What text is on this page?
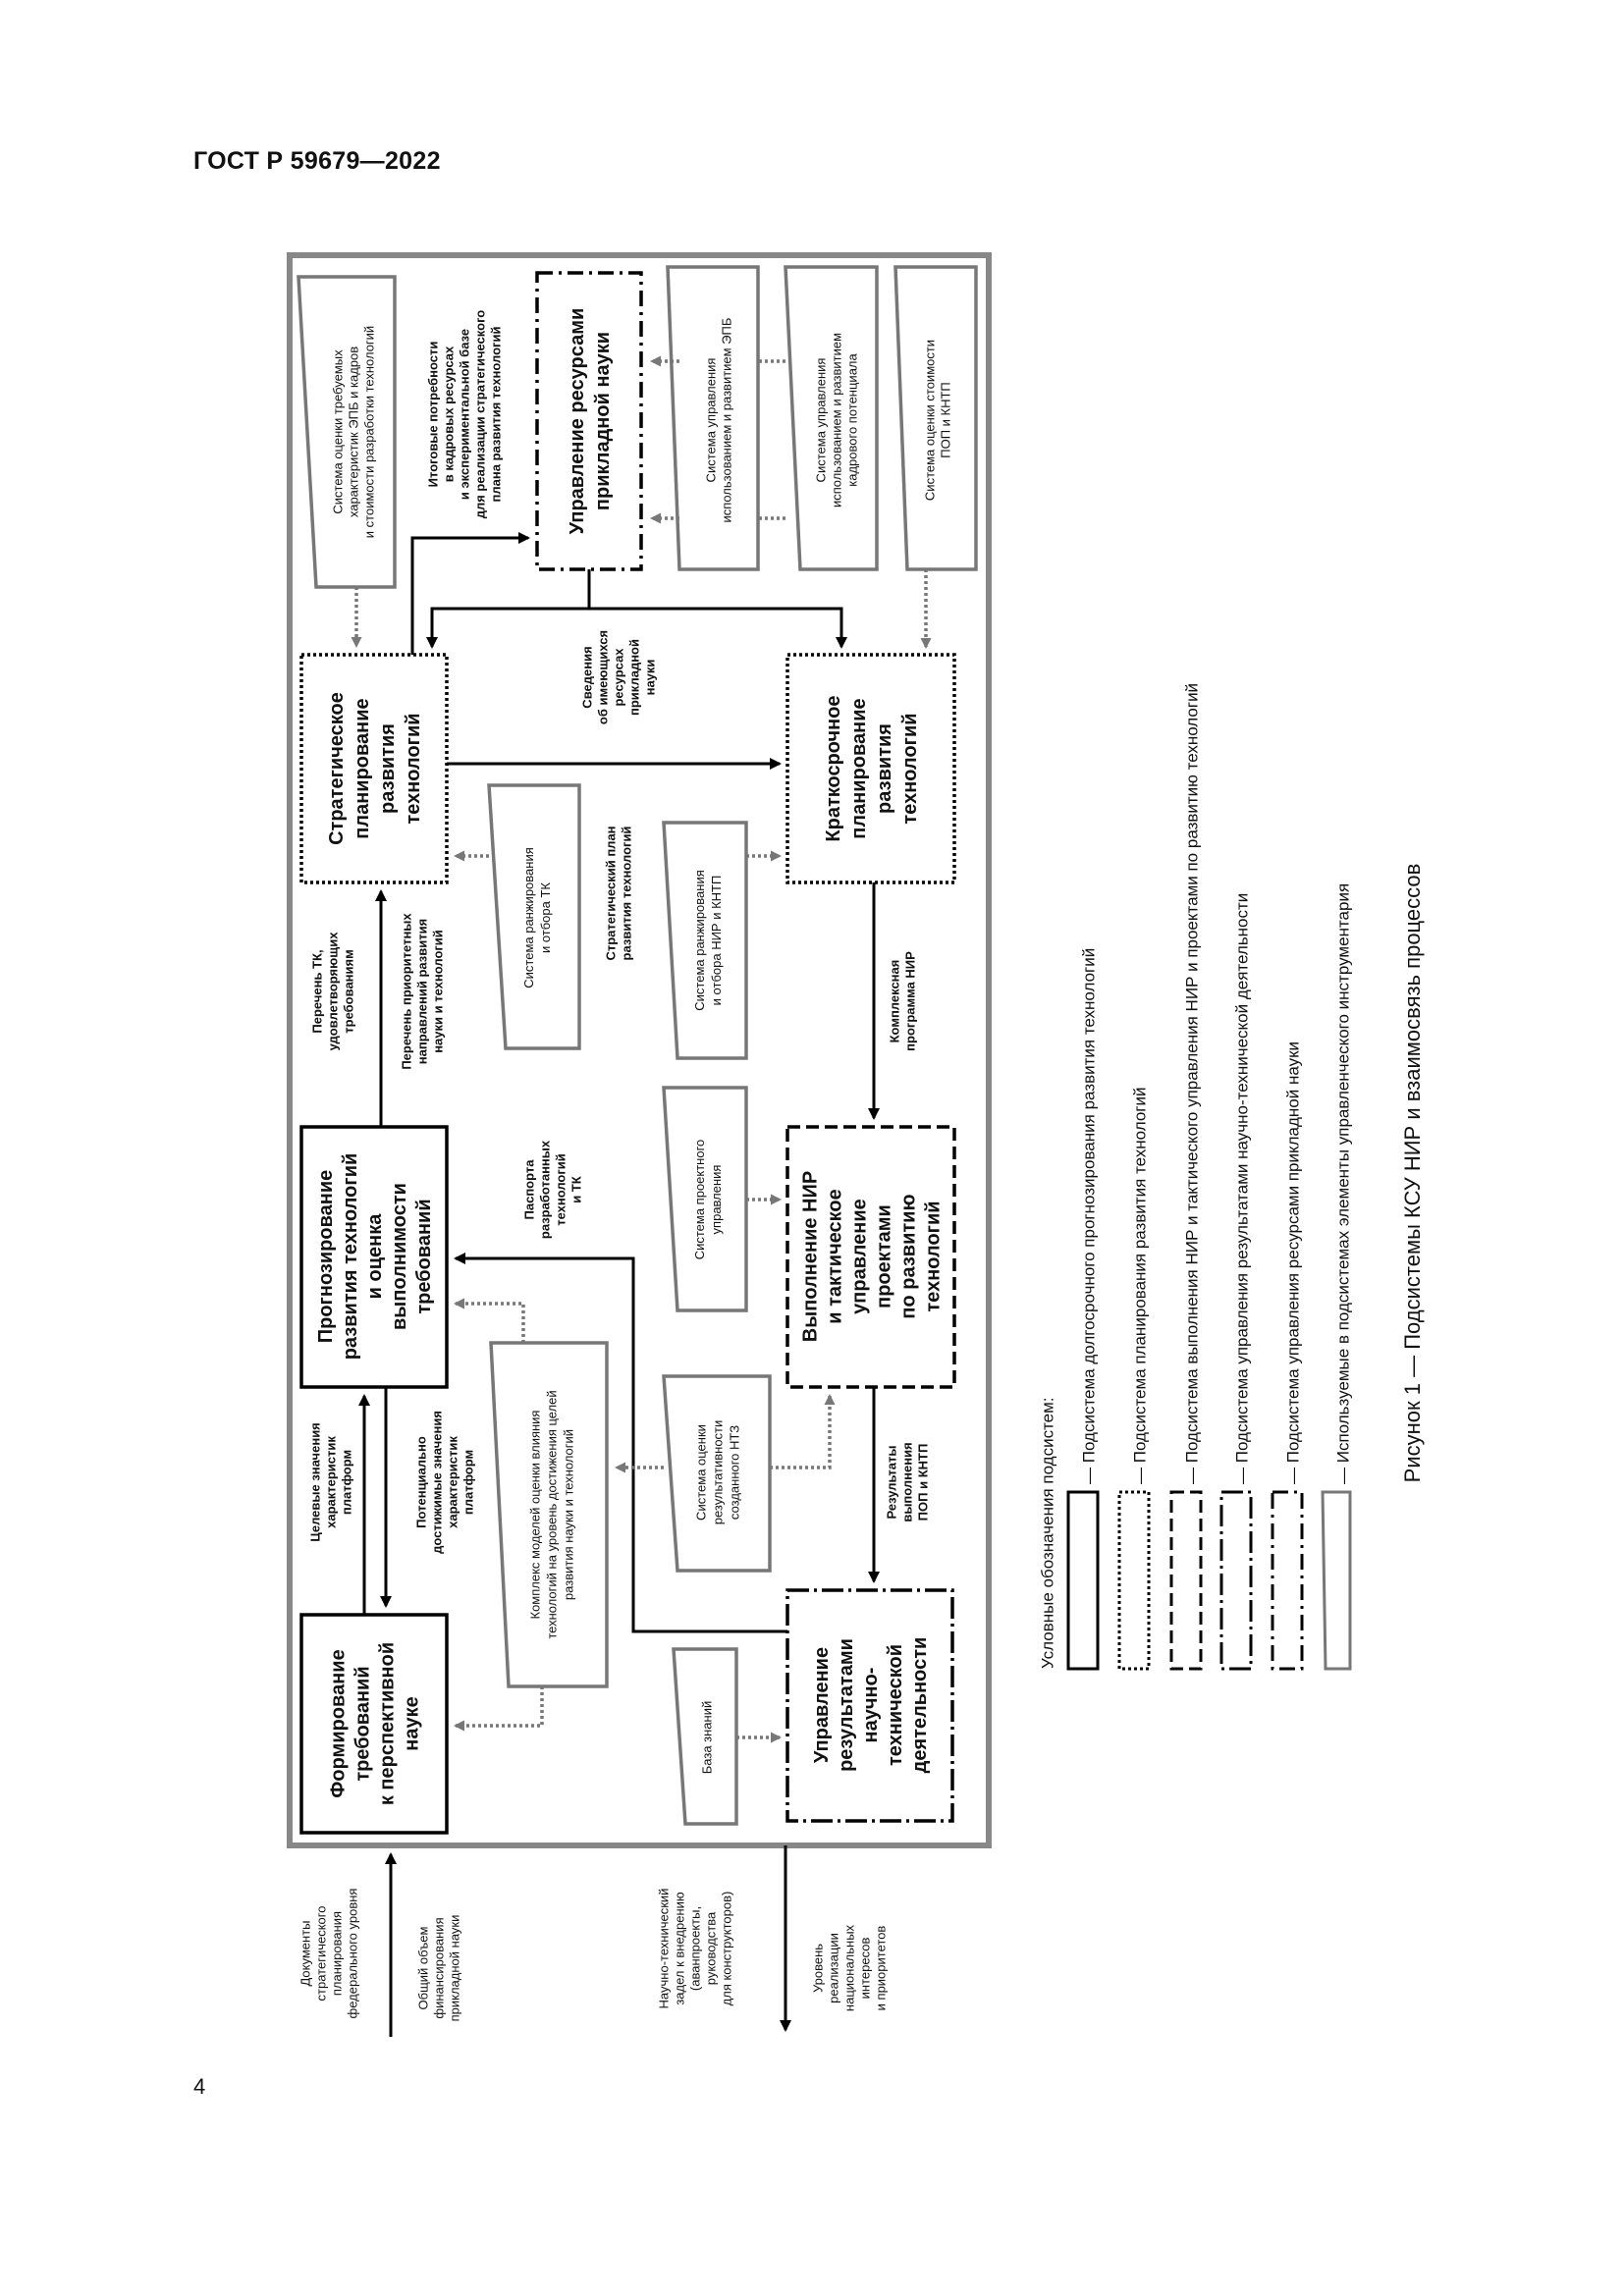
ГОСТ Р 59679—2022
4
Формирование требований к перспективной науке
Прогнозирование развития технологий и оценка выполнимости требований
Стратегическое планирование развития технологий
Управление ресурсами прикладной науки
Краткосрочное планирование развития технологий
Выполнение НИР и тактическое управление проектами по развитию технологий
Управление результатами научно- технической деятельности
Система оценки требуемыххарактеристик ЭПБ и кадрови стоимости разработки технологий	Система управленияиспользованием и развитием ЭПБ	Система управленияиспользованием и развитиемкадрового потенциала	Система оценки стоимостиПОП и КНТП
Система ранжирования и отбора ТК	Система ранжирования и отбора НИР и КНТП
Система проектного управления
Комплекс моделей оценки влияния технологий на уровень достижения целей развития науки и технологий	Система оценки результативности созданного НТЗ
База знаний
Итоговые потребностив кадровых ресурсахи экспериментальной базедля реализации стратегическогоплана развития технологий
Сведенияоб имеющихсяресурсахприкладнойнауки
Стратегический планразвития технологий
Перечень ТК,удовлетворяющихтребованиям	Перечень приоритетныхнаправлений развитиянауки и технологий	Комплекснаяпрограмма НИР
Паспортаразработанныхтехнологийи ТК
Целевые значенияхарактеристикплатформ	Потенциальнодостижимые значенияхарактеристикплатформ	РезультатывыполненияПОП и КНТП
Документыстратегическогопланированияфедерального уровня	Общий объемфинансированияприкладной науки	Научно-техническийзадел к внедрению(аванпроекты,руководствадля конструкторов)	Уровеньреализациинациональныхинтересови приоритетов
Условные обозначения подсистем:
— Подсистема долгосрочного прогнозирования развития технологий — Подсистема планирования развития технологий — Подсистема выполнения НИР и тактического управления НИР и проектами по развитию технологий — Подсистема управления результатами научно-технической деятельности — Подсистема управления ресурсами прикладной науки — Используемые в подсистемах элементы управленческого инструментария Рисунок 1 — Подсистемы КСУ НИР и взаимосвязь процессов
